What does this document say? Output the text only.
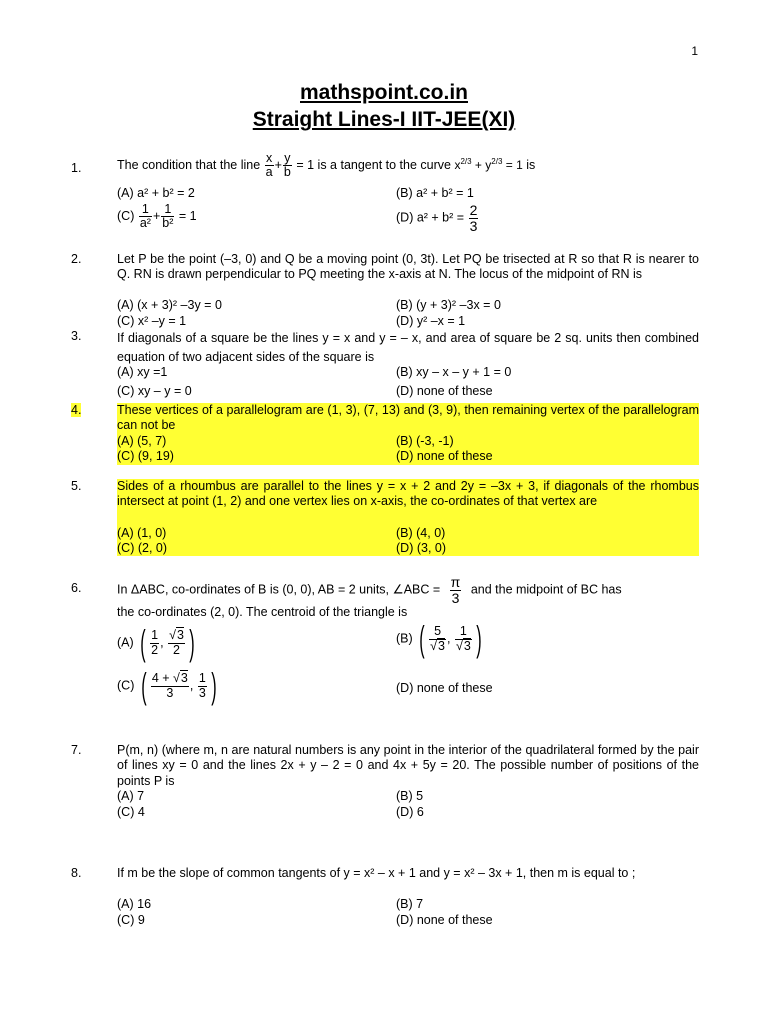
1
mathspoint.co.in
Straight Lines-I IIT-JEE(XI)
1.	The condition that the line $\frac{x}{a} + \frac{y}{b} = 1$ is a tangent to the curve $x^{2/3} + y^{2/3} = 1$ is
(A) a² + b² = 2	(B) a² + b² = 1
$(C) \frac{1}{\text{a²}} + \frac{1}{\text{b²}} = 1$	(D) $a^2 + b^2 = \frac{2}{3}$
2.	Let P be the point (–3, 0) and Q be a moving point (0, 3t). Let PQ be trisected at R so that R is nearer to Q. RN is drawn perpendicular to PQ meeting the x-axis at N. The locus of the midpoint of RN is
(A) (x + 3)² –3y = 0	(B) (y + 3)² –3x = 0
(C) x² –y = 1	(D) y² –x = 1
3.	If diagonals of a square be the lines y = x and y = – x, and area of square be 2 sq. units then combined equation of two adjacent sides of the square is
(A) xy =1	(B) xy – x – y + 1 = 0
(C) xy – y = 0	(D) none of these
4.	These vertices of a parallelogram are (1, 3), (7, 13) and (3, 9), then remaining vertex of the parallelogram can not be
(A) (5, 7)	(B) (-3, -1)
(C) (9, 19)	(D) none of these
5.	Sides of a rhoumbus are parallel to the lines y = x + 2 and 2y = –3x + 3, if diagonals of the rhombus intersect at point (1, 2) and one vertex lies on x-axis, the co-ordinates of that vertex are
(A) (1, 0)	(B) (4, 0)
(C) (2, 0)	(D) (3, 0)
6.	In ΔABC, co-ordinates of B is (0, 0), AB = 2 units, ∠ABC = $\frac{\pi}{3}$ and the midpoint of BC has
the co-ordinates (2, 0). The centroid of the triangle is
(A) ( $\frac{1}{2}$ , $\frac{√3}{2}$ )	(B) ( $\frac{5}{√3}$ , $\frac{1}{√3}$ )
(C) ( $\frac{4 + √3}{3}$ , $\frac{1}{3}$ )	(D) none of these
7.	P(m, n) (where m, n are natural numbers is any point in the interior of the quadrilateral formed by the pair of lines xy = 0 and the lines 2x + y – 2 = 0 and 4x + 5y = 20. The possible number of positions of the points P is
(A) 7	(B) 5
(C) 4	(D) 6
8.	If m be the slope of common tangents of y = x² – x + 1 and y = x² – 3x + 1, then m is equal to ;
(A) 16	(B) 7
(C) 9	(D) none of these
